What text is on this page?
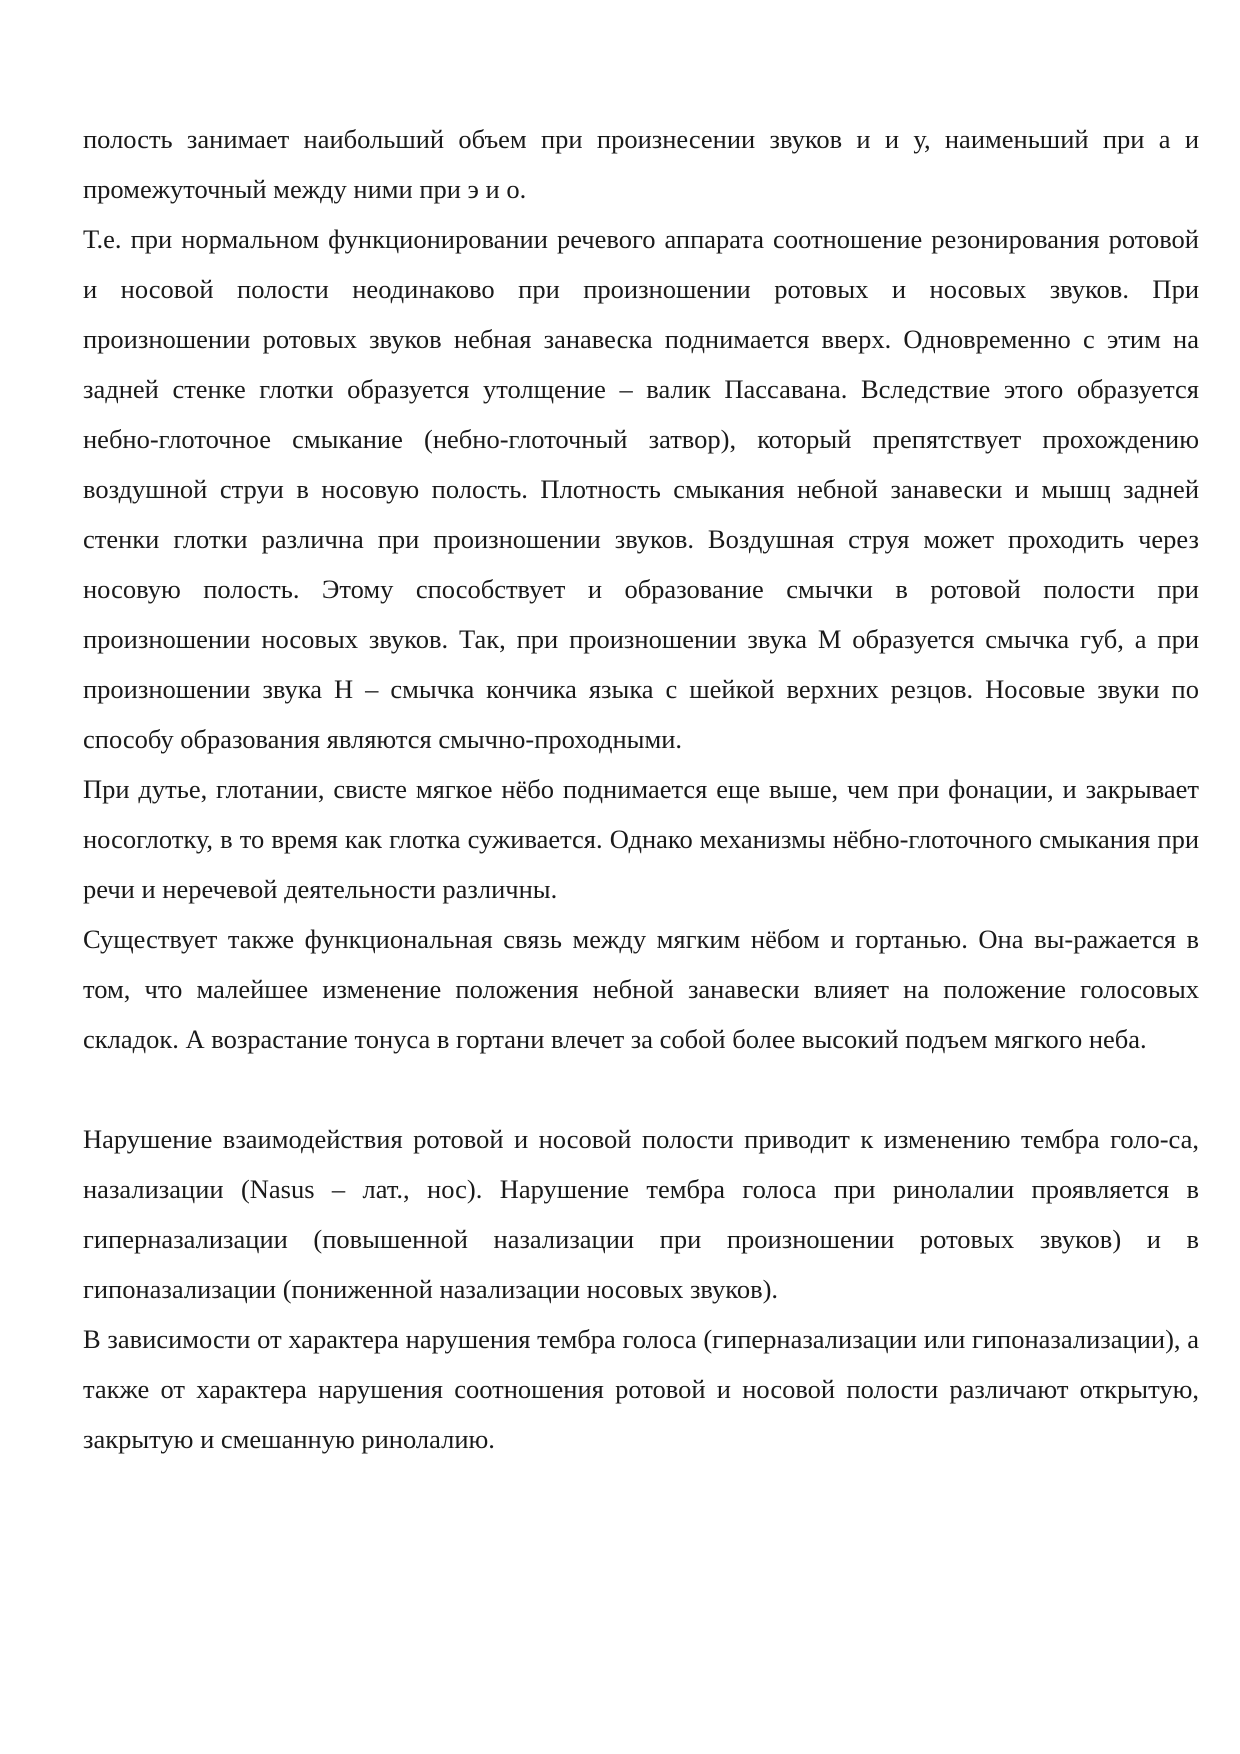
полость занимает наибольший объем при произнесении звуков и и у, наименьший при а и промежуточный между ними при э и о.

Т.е. при нормальном функционировании речевого аппарата соотношение резонирования ротовой и носовой полости неодинаково при произношении ротовых и носовых звуков. При произношении ротовых звуков небная занавеска поднимается вверх. Одновременно с этим на задней стенке глотки образуется утолщение – валик Пассавана. Вследствие этого образуется небно-глоточное смыкание (небно-глоточный затвор), который препятствует прохождению воздушной струи в носовую полость. Плотность смыкания небной занавески и мышц задней стенки глотки различна при произношении звуков. Воздушная струя может проходить через носовую полость. Этому способствует и образование смычки в ротовой полости при произношении носовых звуков. Так, при произношении звука М образуется смычка губ, а при произношении звука Н – смычка кончика языка с шейкой верхних резцов. Носовые звуки по способу образования являются смычно-проходными.

При дутье, глотании, свисте мягкое нёбо поднимается еще выше, чем при фонации, и закрывает носоглотку, в то время как глотка суживается. Однако механизмы нёбно-глоточного смыкания при речи и неречевой деятельности различны.

Существует также функциональная связь между мягким нёбом и гортанью. Она вы-ражается в том, что малейшее изменение положения небной занавески влияет на положение голосовых складок. А возрастание тонуса в гортани влечет за собой более высокий подъем мягкого неба.

Нарушение взаимодействия ротовой и носовой полости приводит к изменению тембра голо-са, назализации (Nasus – лат., нос). Нарушение тембра голоса при ринолалии проявляется в гиперназализации (повышенной назализации при произношении ротовых звуков) и в гипоназализации (пониженной назализации носовых звуков).

В зависимости от характера нарушения тембра голоса (гиперназализации или гипоназализации), а также от характера нарушения соотношения ротовой и носовой полости различают открытую, закрытую и смешанную ринолалию.
